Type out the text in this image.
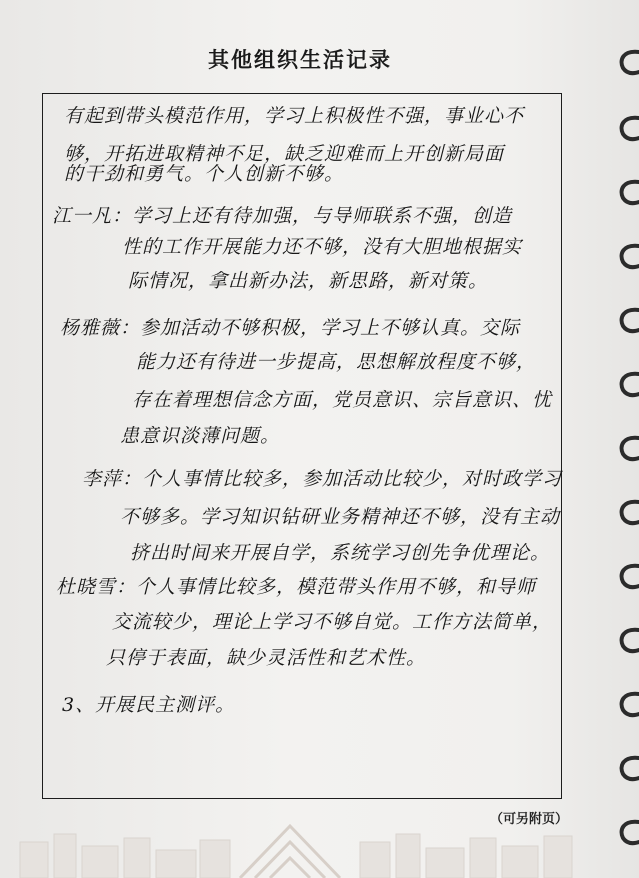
其他组织生活记录
有起到带头模范作用，学习上积极性不强，事业心不
够，开拓进取精神不足，缺乏迎难而上开创新局面
的干劲和勇气。个人创新不够。
江一凡：学习上还有待加强，与导师联系不强，创造
性的工作开展能力还不够，没有大胆地根据实
际情况，拿出新办法，新思路，新对策。
杨雅薇：参加活动不够积极，学习上不够认真。交际
能力还有待进一步提高，思想解放程度不够，
存在着理想信念方面，党员意识、宗旨意识、忧
患意识淡薄问题。
李萍：个人事情比较多，参加活动比较少，对时政学习
不够多。学习知识钻研业务精神还不够，没有主动
挤出时间来开展自学，系统学习创先争优理论。
杜晓雪：个人事情比较多，模范带头作用不够，和导师
交流较少，理论上学习不够自觉。工作方法简单，
只停于表面，缺少灵活性和艺术性。
3、开展民主测评。
（可另附页）
